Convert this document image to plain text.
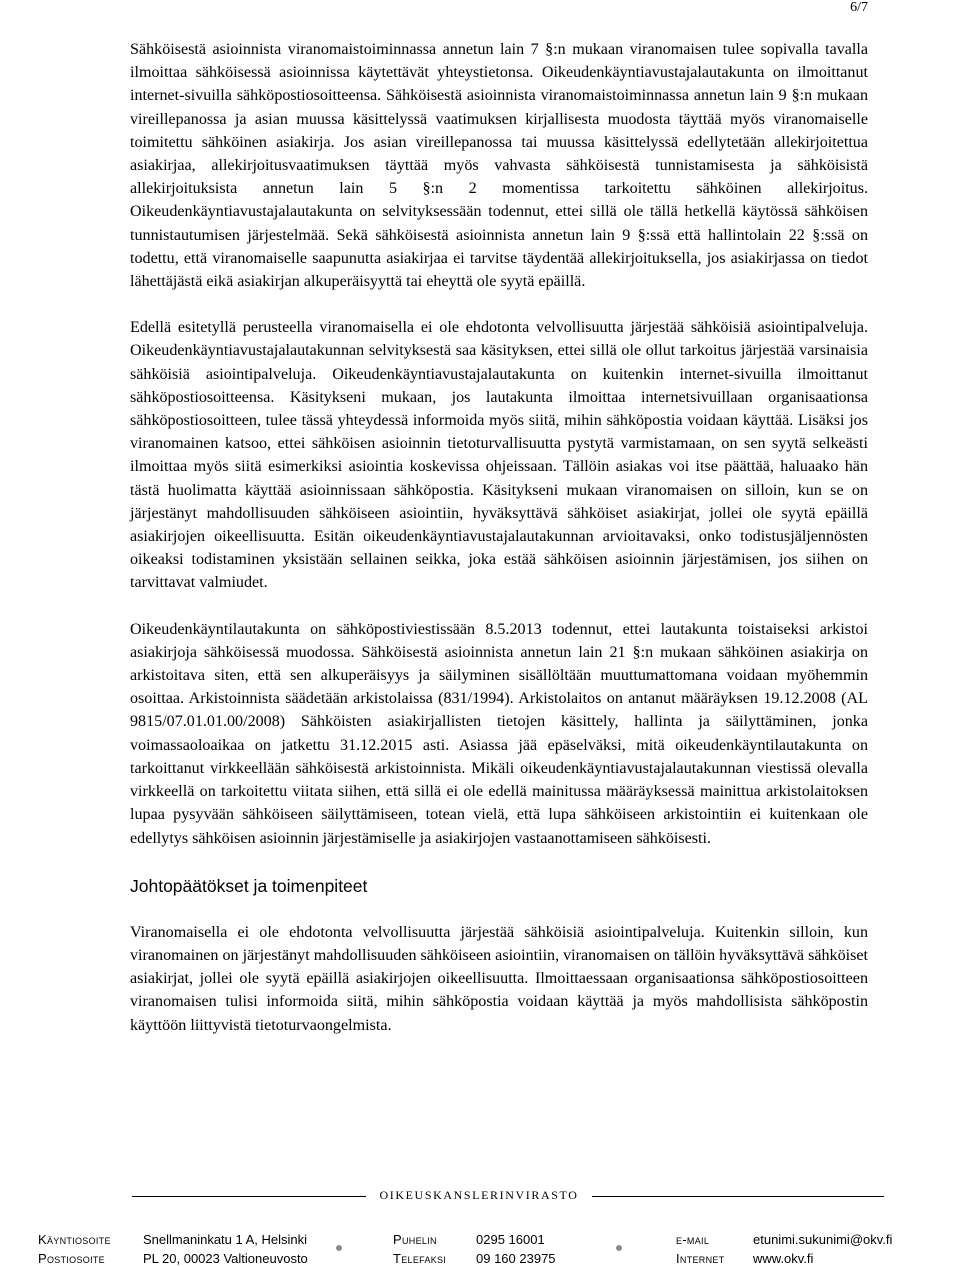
6/7

Sähköisestä asioinnista viranomaistoiminnassa annetun lain 7 §:n mukaan viranomaisen tulee sopivalla tavalla ilmoittaa sähköisessä asioinnissa käytettävät yhteystietonsa. Oikeudenkäyntiavustajalautakunta on ilmoittanut internet-sivuilla sähköpostiosoitteensa. Sähköisestä asioinnista viranomaistoiminnassa annetun lain 9 §:n mukaan vireillepanossa ja asian muussa käsittelyssä vaatimuksen kirjallisesta muodosta täyttää myös viranomaiselle toimitettu sähköinen asiakirja. Jos asian vireillepanossa tai muussa käsittelyssä edellytetään allekirjoitettua asiakirjaa, allekirjoitusvaatimuksen täyttää myös vahvasta sähköisestä tunnistamisesta ja sähköisistä allekirjoituksista annetun lain 5 §:n 2 momentissa tarkoitettu sähköinen allekirjoitus. Oikeudenkäyntiavustajalautakunta on selvityksessään todennut, ettei sillä ole tällä hetkellä käytössä sähköisen tunnistautumisen järjestelmää. Sekä sähköisestä asioinnista annetun lain 9 §:ssä että hallintolain 22 §:ssä on todettu, että viranomaiselle saapunutta asiakirjaa ei tarvitse täydentää allekirjoituksella, jos asiakirjassa on tiedot lähettäjästä eikä asiakirjan alkuperäisyyttä tai eheyttä ole syytä epäillä.

Edellä esitetyllä perusteella viranomaisella ei ole ehdotonta velvollisuutta järjestää sähköisiä asiointipalveluja. Oikeudenkäyntiavustajalautakunnan selvityksestä saa käsityksen, ettei sillä ole ollut tarkoitus järjestää varsinaisia sähköisiä asiointipalveluja. Oikeudenkäyntiavustajalautakunta on kuitenkin internet-sivuilla ilmoittanut sähköpostiosoitteensa. Käsitykseni mukaan, jos lautakunta ilmoittaa internetsivuillaan organisaationsa sähköpostiosoitteen, tulee tässä yhteydessä informoida myös siitä, mihin sähköpostia voidaan käyttää. Lisäksi jos viranomainen katsoo, ettei sähköisen asioinnin tietoturvallisuutta pystytä varmistamaan, on sen syytä selkeästi ilmoittaa myös siitä esimerkiksi asiointia koskevissa ohjeissaan. Tällöin asiakas voi itse päättää, haluaako hän tästä huolimatta käyttää asioinnissaan sähköpostia. Käsitykseni mukaan viranomaisen on silloin, kun se on järjestänyt mahdollisuuden sähköiseen asiointiin, hyväksyttävä sähköiset asiakirjat, jollei ole syytä epäillä asiakirjojen oikeellisuutta. Esitän oikeudenkäyntiavustajalautakunnan arvioitavaksi, onko todistusjäljennösten oikeaksi todistaminen yksistään sellainen seikka, joka estää sähköisen asioinnin järjestämisen, jos siihen on tarvittavat valmiudet.

Oikeudenkäyntilautakunta on sähköpostiviestissään 8.5.2013 todennut, ettei lautakunta toistaiseksi arkistoi asiakirjoja sähköisessä muodossa. Sähköisestä asioinnista annetun lain 21 §:n mukaan sähköinen asiakirja on arkistoitava siten, että sen alkuperäisyys ja säilyminen sisällöltään muuttumattomana voidaan myöhemmin osoittaa. Arkistoinnista säädetään arkistolaissa (831/1994). Arkistolaitos on antanut määräyksen 19.12.2008 (AL 9815/07.01.01.00/2008) Sähköisten asiakirjallisten tietojen käsittely, hallinta ja säilyttäminen, jonka voimassaoloaikaa on jatkettu 31.12.2015 asti. Asiassa jää epäselväksi, mitä oikeudenkäyntilautakunta on tarkoittanut virkkeellään sähköisestä arkistoinnista. Mikäli oikeudenkäyntiavustajalautakunnan viestissä olevalla virkkeellä on tarkoitettu viitata siihen, että sillä ei ole edellä mainitussa määräyksessä mainittua arkistolaitoksen lupaa pysyvään sähköiseen säilyttämiseen, totean vielä, että lupa sähköiseen arkistointiin ei kuitenkaan ole edellytys sähköisen asioinnin järjestämiselle ja asiakirjojen vastaanottamiseen sähköisesti.

Johtopäätökset ja toimenpiteet

Viranomaisella ei ole ehdotonta velvollisuutta järjestää sähköisiä asiointipalveluja. Kuitenkin silloin, kun viranomainen on järjestänyt mahdollisuuden sähköiseen asiointiin, viranomaisen on tällöin hyväksyttävä sähköiset asiakirjat, jollei ole syytä epäillä asiakirjojen oikeellisuutta. Ilmoittaessaan organisaationsa sähköpostiosoitteen viranomaisen tulisi informoida siitä, mihin sähköpostia voidaan käyttää ja myös mahdollisista sähköpostin käyttöön liittyvistä tietoturvaongelmista.

OIKEUSKANSLERINVIRASTO
Käyntiosoite Snellmaninkatu 1 A, Helsinki
Postiosoite	PL 20, 00023 Valtioneuvosto
Puhelin	0295 16001
Telefaksi 09 160 23975
e-mail	etunimi.sukunimi@okv.fi
Internet www.okv.fi
